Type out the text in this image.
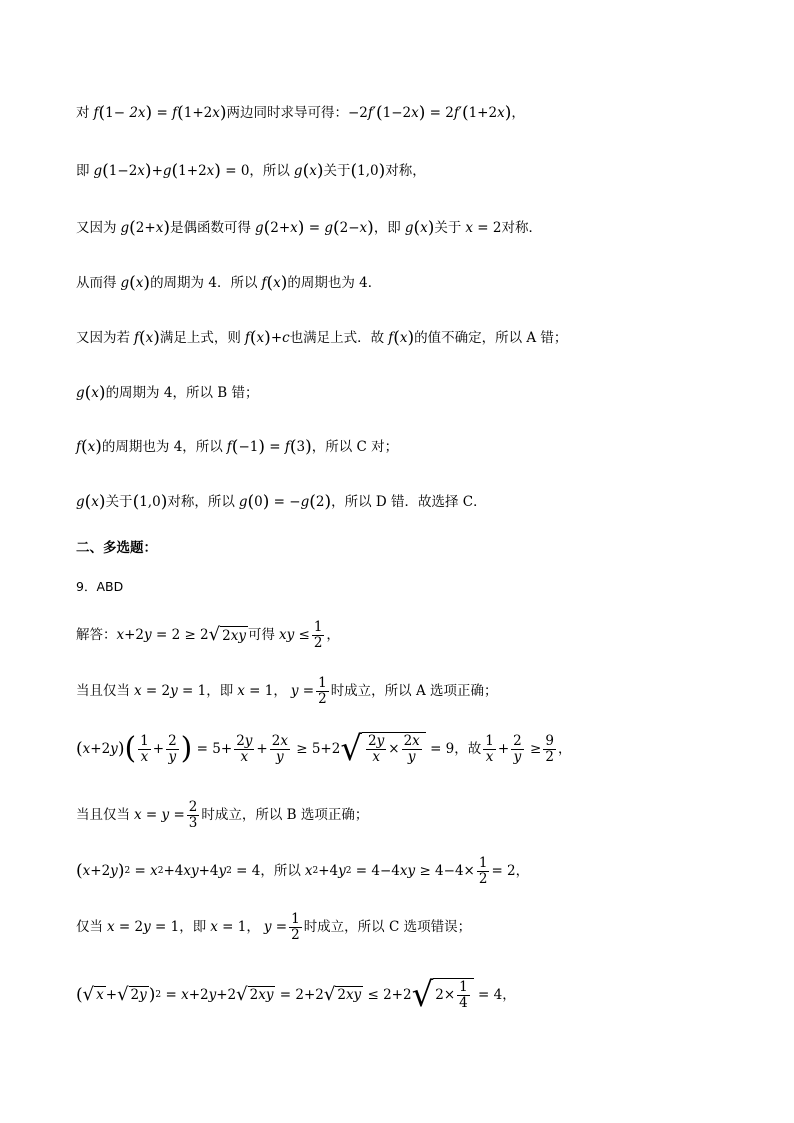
对 f ( 1− 2x ) = f ( 1+2 x ) 两边同时求导可得： −2 f ′ ( 1−2 x ) = 2 f ′ ( 1+2 x ) ，
即 g ( 1−2 x ) + g ( 1+2 x ) = 0 ，所以 g ( x ) 关于 ( 1,0 ) 对称，
又因为 g ( 2+ x ) 是偶函数可得 g ( 2+ x ) = g ( 2− x ) ，即 g ( x ) 关于 x = 2 对称．
从而得 g ( x ) 的周期为 4．所以 f ( x ) 的周期也为 4．
又因为若 f ( x ) 满足上式，则 f ( x ) + c 也满足上式．故 f ( x ) 的值不确定，所以 A 错；
g ( x ) 的周期为 4，所以 B 错；
f ( x ) 的周期也为 4，所以 f ( −1 ) = f ( 3 ) ，所以 C 对；
g ( x ) 关于 ( 1,0 ) 对称，所以 g ( 0 ) = − g ( 2 ) ，所以 D 错．故选择 C．
二、多选题：
9．ABD
解答： x +2 y = 2 ≥ 2 √ 2 xy 可得 xy ≤ $\frac{1}{2}$ ，
当且仅当 x = 2 y = 1 ，即 x = 1 ， $y = \frac{1}{2}$ 时成立，所以 A 选项正确；
( x +2 y ) ( $\frac{1}{x} + \frac{2}{y}$ ) = $5+ \frac{2y}{x} + \frac{2x}{y} \ge 5+2$ √ $\frac{2y}{x} \times \frac{2x}{y} = 9$ ，故 $\frac{1}{x} + \frac{2}{y} \ge \frac{9}{2}$ ，
当且仅当 $x = y = \frac{2}{3}$ 时成立，所以 B 选项正确；
( x +2 y ) 2 = x 2 +4 xy +4 y 2 = 4 ，所以 x 2 +4 y 2 = 4−4 xy ≥ $4-4\times \frac{1}{2} = 2$ ，
仅当 x = 2 y = 1 ，即 x = 1 ， $y = \frac{1}{2}$ 时成立，所以 C 选项错误；
( √ x + √ 2 y ) 2 = x +2 y +2 √ 2 xy = 2+2 √ 2 xy ≤ 2+2 √ $2\times \frac{1}{4} = 4$ ，
